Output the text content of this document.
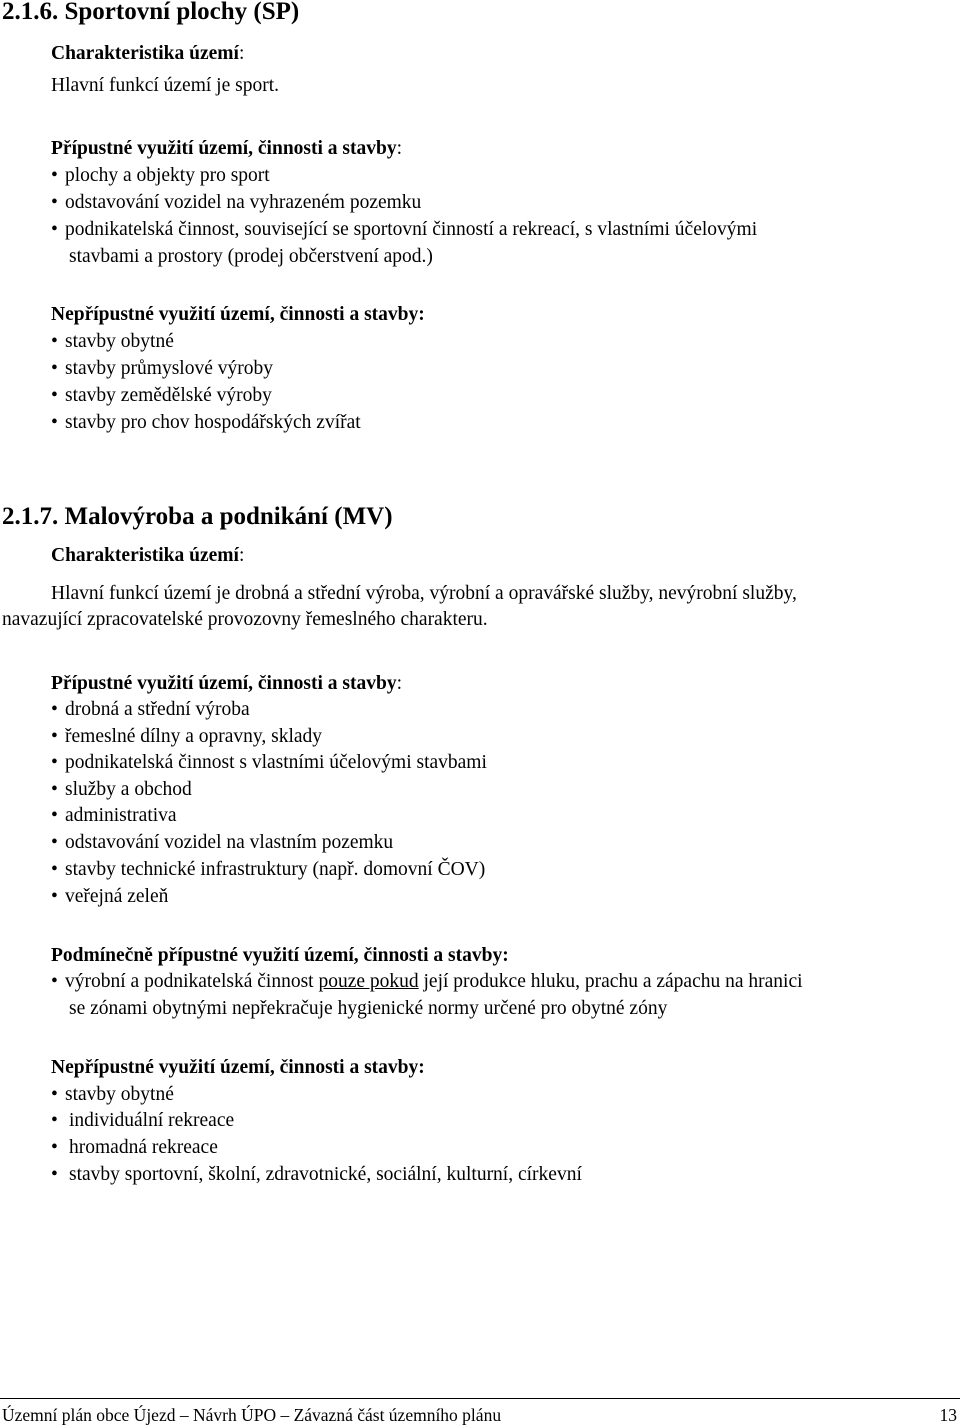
2.1.6. Sportovní plochy (SP)
Charakteristika území:
Hlavní funkcí území je sport.
Přípustné využití území, činnosti a stavby:
• plochy a objekty pro sport
• odstavování vozidel na vyhrazeném pozemku
• podnikatelská činnost, související se sportovní činností a rekreací, s vlastními účelovými
stavbami a prostory (prodej občerstvení apod.)
Nepřípustné využití území, činnosti a stavby:
• stavby obytné
• stavby průmyslové výroby
• stavby zemědělské výroby
• stavby pro chov hospodářských zvířat
2.1.7. Malovýroba a podnikání (MV)
Charakteristika území:
Hlavní funkcí území je drobná a střední výroba, výrobní a opravářské služby, nevýrobní služby,
navazující zpracovatelské provozovny řemeslného charakteru.
Přípustné využití území, činnosti a stavby:
• drobná a střední výroba
• řemeslné dílny a opravny, sklady
• podnikatelská činnost s vlastními účelovými stavbami
• služby a obchod
• administrativa
• odstavování vozidel na vlastním pozemku
• stavby technické infrastruktury (např. domovní ČOV)
• veřejná zeleň
Podmínečně přípustné využití území, činnosti a stavby:
• výrobní a podnikatelská činnost pouze pokud její produkce hluku, prachu a zápachu na hranici
se zónami obytnými nepřekračuje hygienické normy určené pro obytné zóny
Nepřípustné využití území, činnosti a stavby:
• stavby obytné
• individuální rekreace
• hromadná rekreace
• stavby sportovní, školní, zdravotnické, sociální, kulturní, církevní
Územní plán obce Újezd – Návrh ÚPO – Závazná část územního plánu	13
